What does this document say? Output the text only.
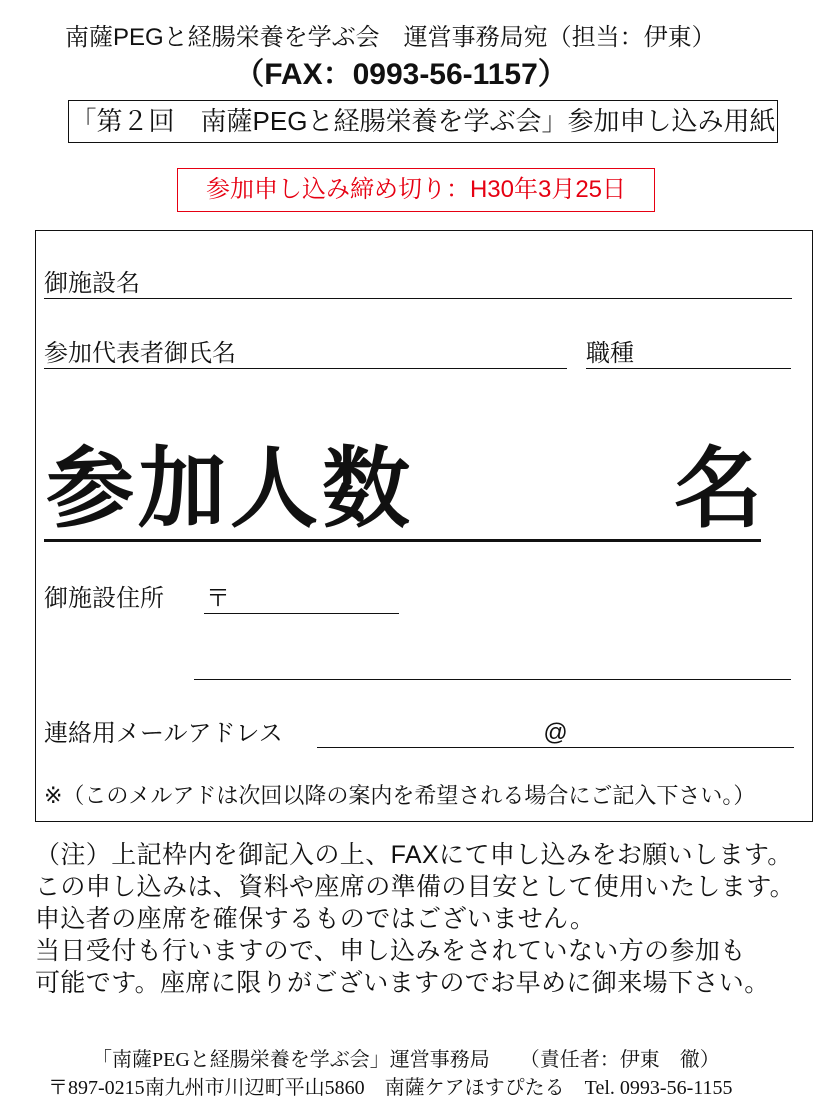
南薩PEGと経腸栄養を学ぶ会　運営事務局宛（担当：伊東）
（FAX：0993-56-1157）
「第２回　南薩PEGと経腸栄養を学ぶ会」参加申し込み用紙
参加申し込み締め切り：H30年3月25日
御施設名
参加代表者御氏名	職種
参加人数	名
御施設住所 〒
連絡用メールアドレス	@
※（このメルアドは次回以降の案内を希望される場合にご記入下さい。）
（注）上記枠内を御記入の上、FAXにて申し込みをお願いします。
この申し込みは、資料や座席の準備の目安として使用いたします。
申込者の座席を確保するものではございません。
当日受付も行いますので、申し込みをされていない方の参加も
可能です。座席に限りがございますのでお早めに御来場下さい。
「南薩PEGと経腸栄養を学ぶ会」運営事務局　　（責任者：伊東　徹）
〒897-0215南九州市川辺町平山5860　南薩ケアほすぴたる　Tel. 0993-56-1155
